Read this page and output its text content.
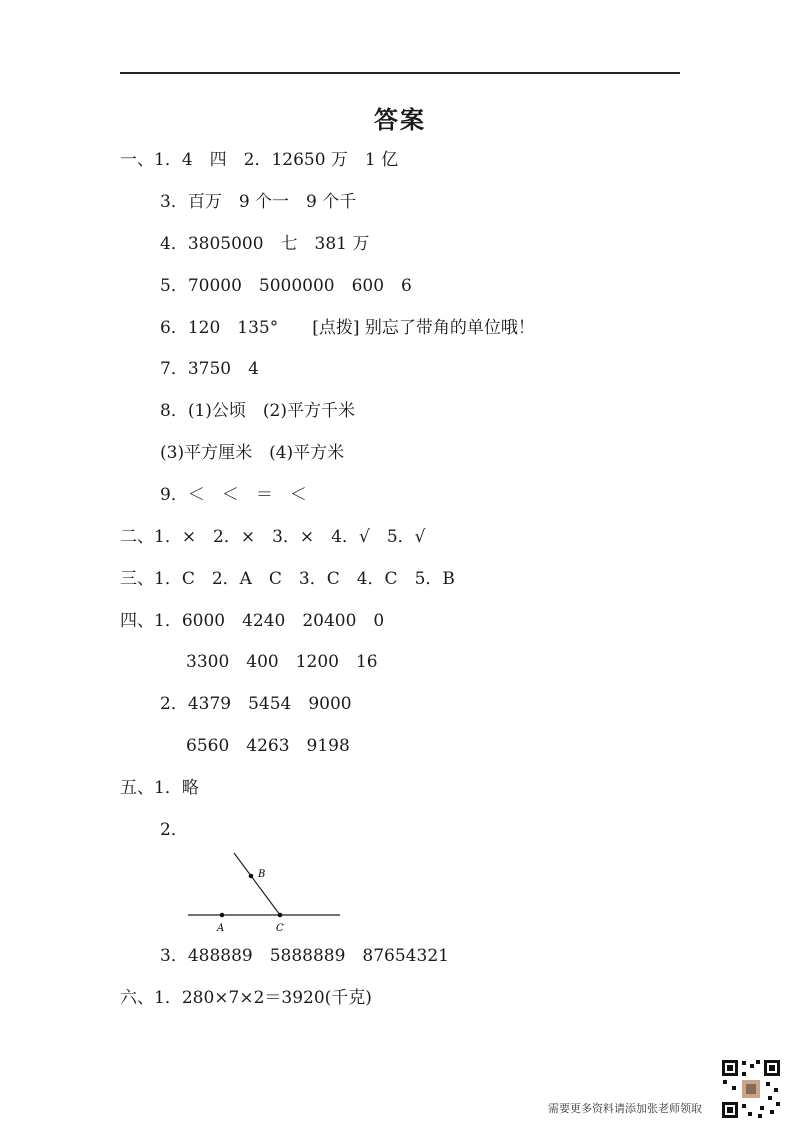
答案
一、1．4　四　2．12650 万　1 亿
3．百万　9 个一　9 个千
4．3805000　七　381 万
5．70000　5000000　600　6
6．120　135°　　[点拨] 别忘了带角的单位哦！
7．3750　4
8．(1)公顷　(2)平方千米
(3)平方厘米　(4)平方米
9．＜　＜　＝　＜
二、1．×　2．×　3．×　4．√　5．√
三、1．C　2．A　C　3．C　4．C　5．B
四、1．6000　4240　20400　0
3300　400　1200　16
2．4379　5454　9000
6560　4263　9198
五、1．略
2．
A
B
C
3．488889　5888889　87654321
六、1．280×7×2＝3920(千克)
需要更多资料请添加张老师领取
